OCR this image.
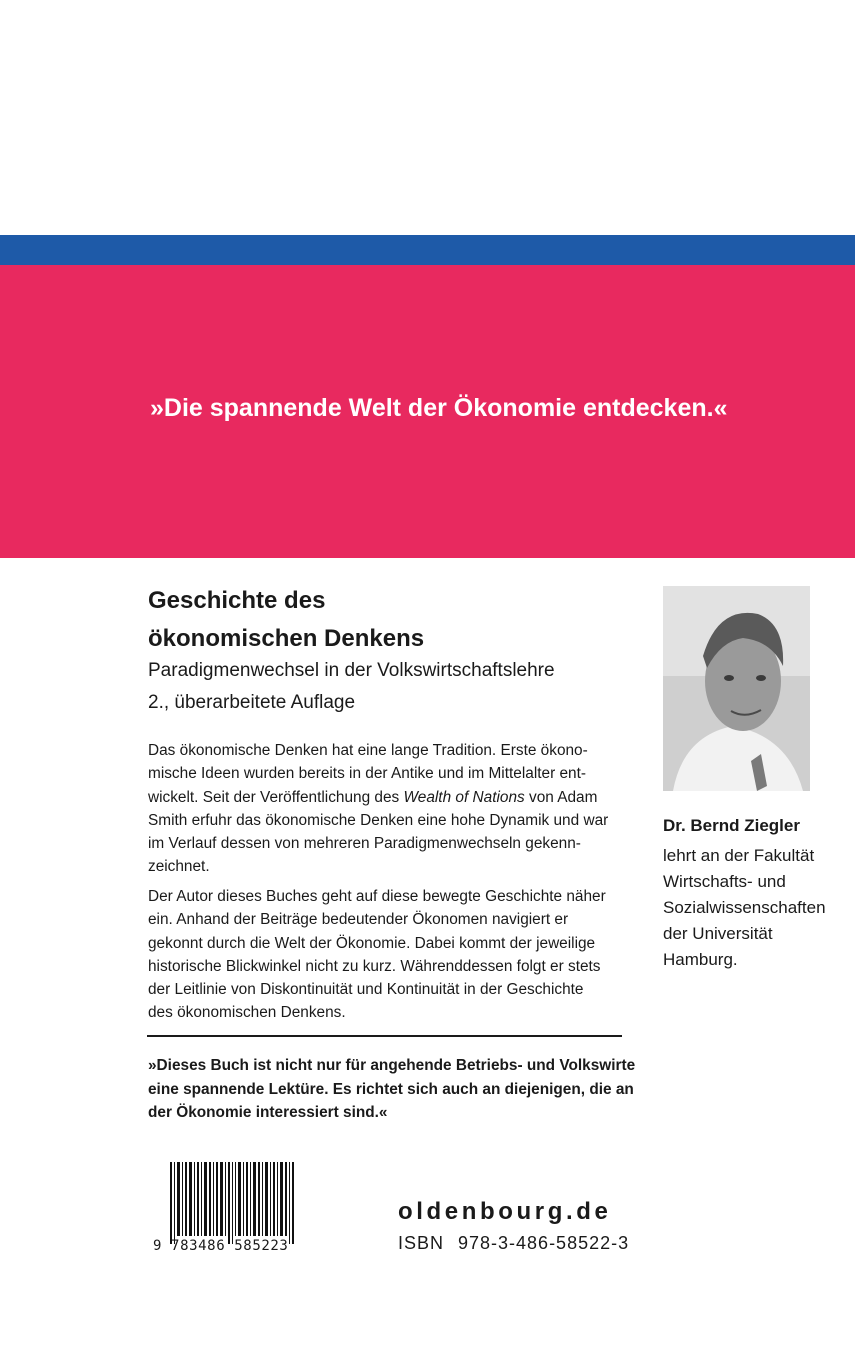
»Die spannende Welt der Ökonomie entdecken.«
Geschichte des
ökonomischen Denkens
Paradigmenwechsel in der Volkswirtschaftslehre
2., überarbeitete Auflage
Das ökonomische Denken hat eine lange Tradition. Erste ökono-
mische Ideen wurden bereits in der Antike und im Mittelalter ent-
wickelt. Seit der Veröffentlichung des Wealth of Nations von Adam
Smith erfuhr das ökonomische Denken eine hohe Dynamik und war
im Verlauf dessen von mehreren Paradigmenwechseln gekenn-
zeichnet.
Der Autor dieses Buches geht auf diese bewegte Geschichte näher
ein. Anhand der Beiträge bedeutender Ökonomen navigiert er
gekonnt durch die Welt der Ökonomie. Dabei kommt der jeweilige
historische Blickwinkel nicht zu kurz. Währenddessen folgt er stets
der Leitlinie von Diskontinuität und Kontinuität in der Geschichte
des ökonomischen Denkens.
»Dieses Buch ist nicht nur für angehende Betriebs- und Volkswirte
eine spannende Lektüre. Es richtet sich auch an diejenigen, die an
der Ökonomie interessiert sind.«
Dr. Bernd Ziegler
lehrt an der Fakultät
Wirtschafts- und
Sozialwissenschaften
der Universität
Hamburg.
9 783486 585223
oldenbourg.de
ISBN 978-3-486-58522-3
